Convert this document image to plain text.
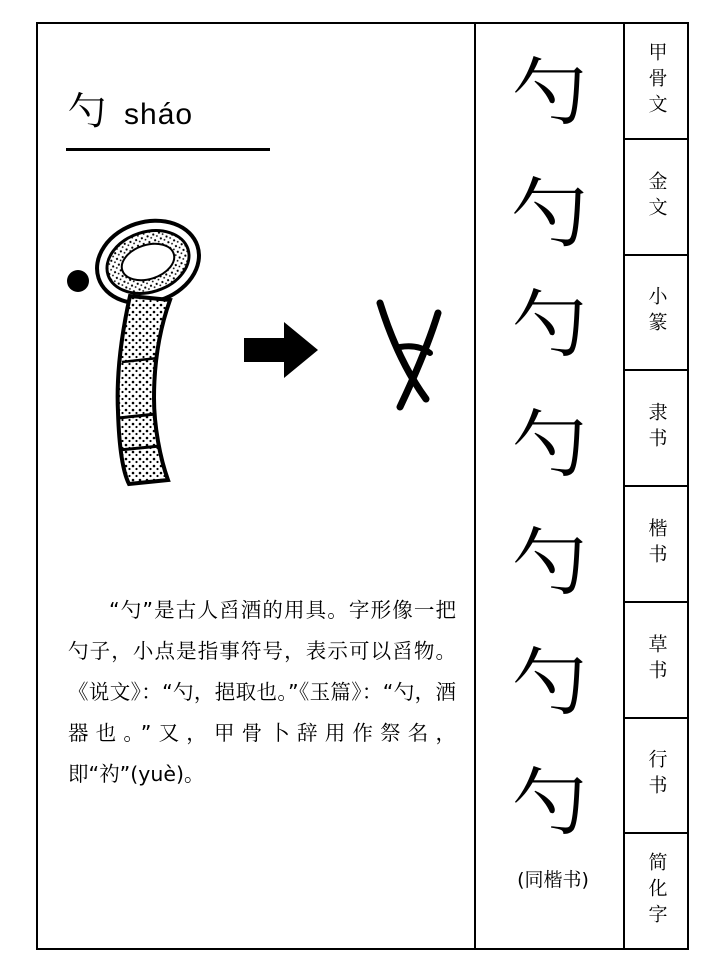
勺 sháo

“勺”是古人舀酒的用具。字形像一把勺子，小点是指事符号，表示可以舀物。《说文》：“勺，挹取也。”《玉篇》：“勺，酒器也。”又，甲骨卜辞用作祭名，即“礿”(yuè)。

勺
勺
勺
勺
勺
勺
勺
(同楷书)
甲骨文
金文
小篆
隶书
楷书
草书
行书
简化字
